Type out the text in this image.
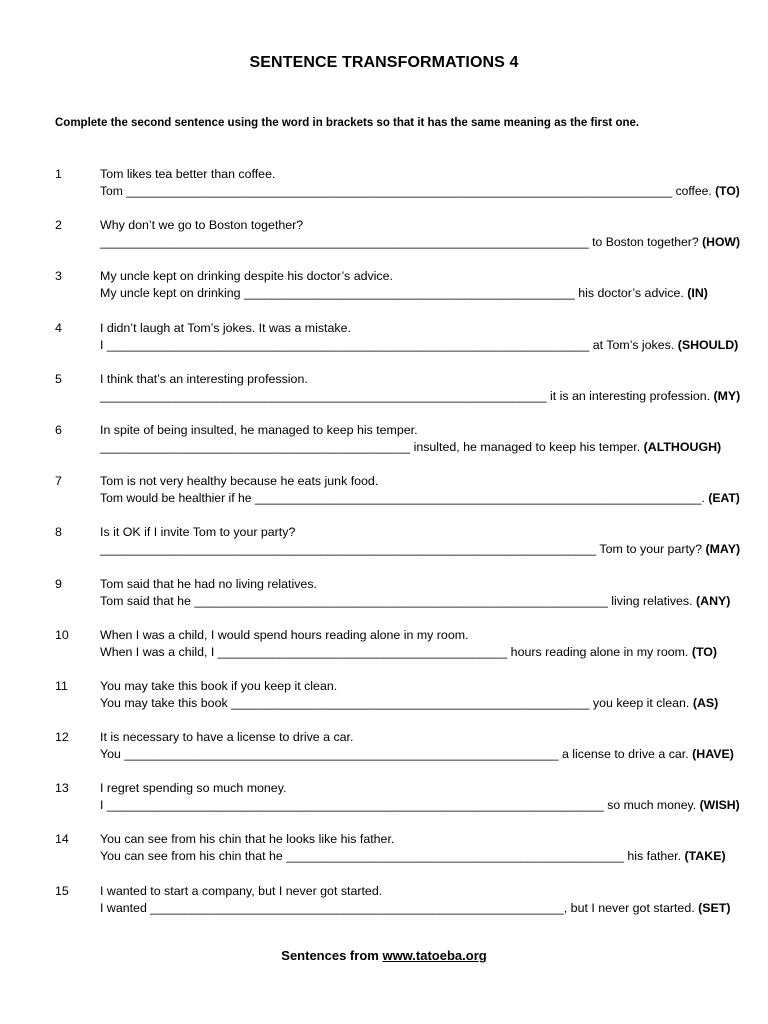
SENTENCE TRANSFORMATIONS 4
Complete the second sentence using the word in brackets so that it has the same meaning as the first one.
1	Tom likes tea better than coffee.
Tom _________________________________________________________________________________ coffee. (TO)
2	Why don’t we go to Boston together?
________________________________________________________________________ to Boston together? (HOW)
3	My uncle kept on drinking despite his doctor’s advice.
My uncle kept on drinking ________________________________________________ his doctor’s advice. (IN)
4	I didn’t laugh at Tom’s jokes. It was a mistake.
I ______________________________________________________________________ at Tom’s jokes. (SHOULD)
5	I think that’s an interesting profession.
_________________________________________________________________ it is an interesting profession. (MY)
6	In spite of being insulted, he managed to keep his temper.
_____________________________________________ insulted, he managed to keep his temper. (ALTHOUGH)
7	Tom is not very healthy because he eats junk food.
Tom would be healthier if he __________________________________________________________________. (EAT)
8	Is it OK if I invite Tom to your party?
________________________________________________________________________ Tom to your party? (MAY)
9	Tom said that he had no living relatives.
Tom said that he ____________________________________________________________ living relatives. (ANY)
10	When I was a child, I would spend hours reading alone in my room.
When I was a child, I __________________________________________ hours reading alone in my room. (TO)
11	You may take this book if you keep it clean.
You may take this book ____________________________________________________ you keep it clean. (AS)
12	It is necessary to have a license to drive a car.
You _______________________________________________________________ a license to drive a car. (HAVE)
13	I regret spending so much money.
I _________________________________________________________________________ so much money. (WISH)
14	You can see from his chin that he looks like his father.
You can see from his chin that he _________________________________________________ his father. (TAKE)
15	I wanted to start a company, but I never got started.
I wanted ____________________________________________________________, but I never got started. (SET)
Sentences from www.tatoeba.org
